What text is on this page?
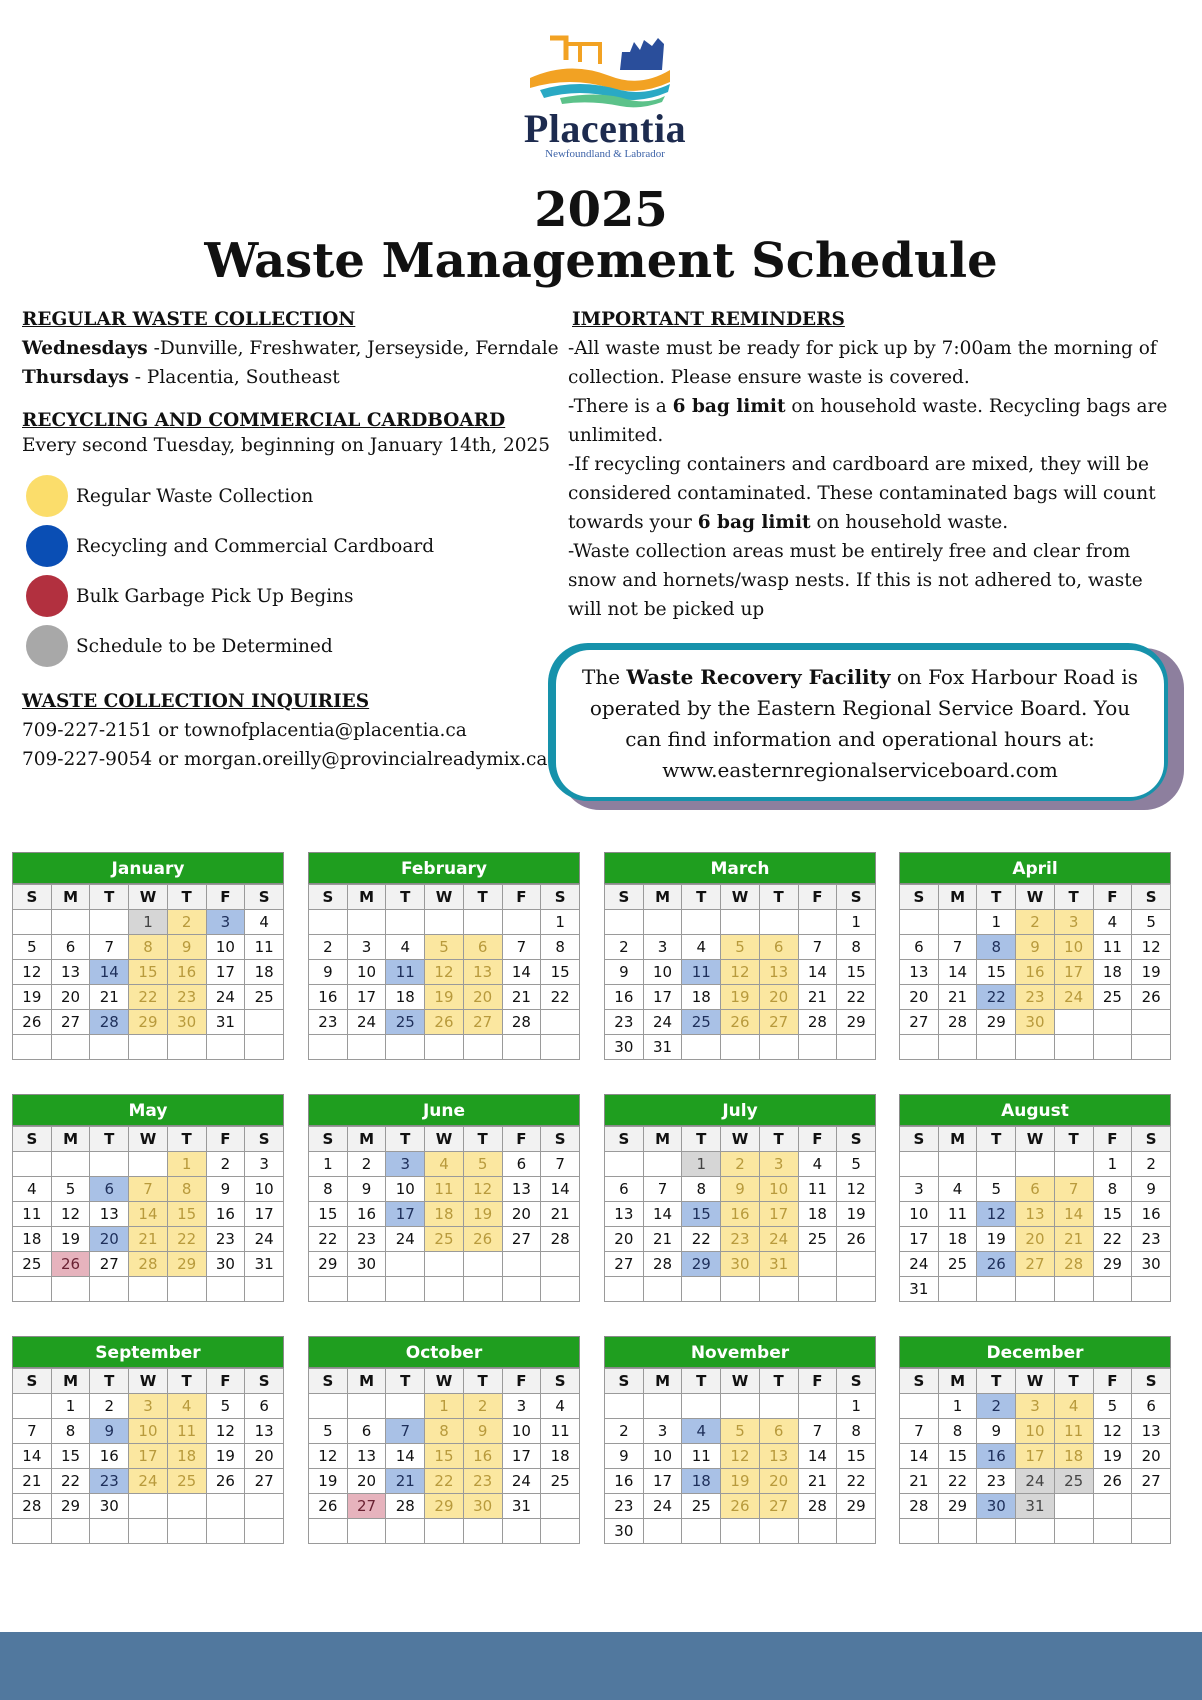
Placentia
Newfoundland & Labrador
2025
Waste Management Schedule
REGULAR WASTE COLLECTION
Wednesdays -Dunville, Freshwater, Jerseyside, Ferndale
Thursdays - Placentia, Southeast
RECYCLING AND COMMERCIAL CARDBOARD
Every second Tuesday, beginning on January 14th, 2025
Regular Waste Collection
Recycling and Commercial Cardboard
Bulk Garbage Pick Up Begins
Schedule to be Determined
WASTE COLLECTION INQUIRIES
709-227-2151 or townofplacentia@placentia.ca
709-227-9054 or morgan.oreilly@provincialreadymix.ca
IMPORTANT REMINDERS
-All waste must be ready for pick up by 7:00am the morning of collection. Please ensure waste is covered.
-There is a 6 bag limit on household waste. Recycling bags are unlimited.
-If recycling containers and cardboard are mixed, they will be considered contaminated. These contaminated bags will count towards your 6 bag limit on household waste.
-Waste collection areas must be entirely free and clear from snow and hornets/wasp nests. If this is not adhered to, waste will not be picked up
The Waste Recovery Facility on Fox Harbour Road is operated by the Eastern Regional Service Board. You can find information and operational hours at: www.easternregionalserviceboard.com
January
S	M	T	W	T	F	S
			1	2	3	4
5	6	7	8	9	10	11
12	13	14	15	16	17	18
19	20	21	22	23	24	25
26	27	28	29	30	31	

February
S	M	T	W	T	F	S
						1
2	3	4	5	6	7	8
9	10	11	12	13	14	15
16	17	18	19	20	21	22
23	24	25	26	27	28	

March
S	M	T	W	T	F	S
						1
2	3	4	5	6	7	8
9	10	11	12	13	14	15
16	17	18	19	20	21	22
23	24	25	26	27	28	29
30	31					
April
S	M	T	W	T	F	S
		1	2	3	4	5
6	7	8	9	10	11	12
13	14	15	16	17	18	19
20	21	22	23	24	25	26
27	28	29	30			

May
S	M	T	W	T	F	S
				1	2	3
4	5	6	7	8	9	10
11	12	13	14	15	16	17
18	19	20	21	22	23	24
25	26	27	28	29	30	31

June
S	M	T	W	T	F	S
1	2	3	4	5	6	7
8	9	10	11	12	13	14
15	16	17	18	19	20	21
22	23	24	25	26	27	28
29	30					

July
S	M	T	W	T	F	S
		1	2	3	4	5
6	7	8	9	10	11	12
13	14	15	16	17	18	19
20	21	22	23	24	25	26
27	28	29	30	31		

August
S	M	T	W	T	F	S
					1	2
3	4	5	6	7	8	9
10	11	12	13	14	15	16
17	18	19	20	21	22	23
24	25	26	27	28	29	30
31						
September
S	M	T	W	T	F	S
	1	2	3	4	5	6
7	8	9	10	11	12	13
14	15	16	17	18	19	20
21	22	23	24	25	26	27
28	29	30				

October
S	M	T	W	T	F	S
			1	2	3	4
5	6	7	8	9	10	11
12	13	14	15	16	17	18
19	20	21	22	23	24	25
26	27	28	29	30	31	

November
S	M	T	W	T	F	S
						1
2	3	4	5	6	7	8
9	10	11	12	13	14	15
16	17	18	19	20	21	22
23	24	25	26	27	28	29
30						
December
S	M	T	W	T	F	S
	1	2	3	4	5	6
7	8	9	10	11	12	13
14	15	16	17	18	19	20
21	22	23	24	25	26	27
28	29	30	31			
